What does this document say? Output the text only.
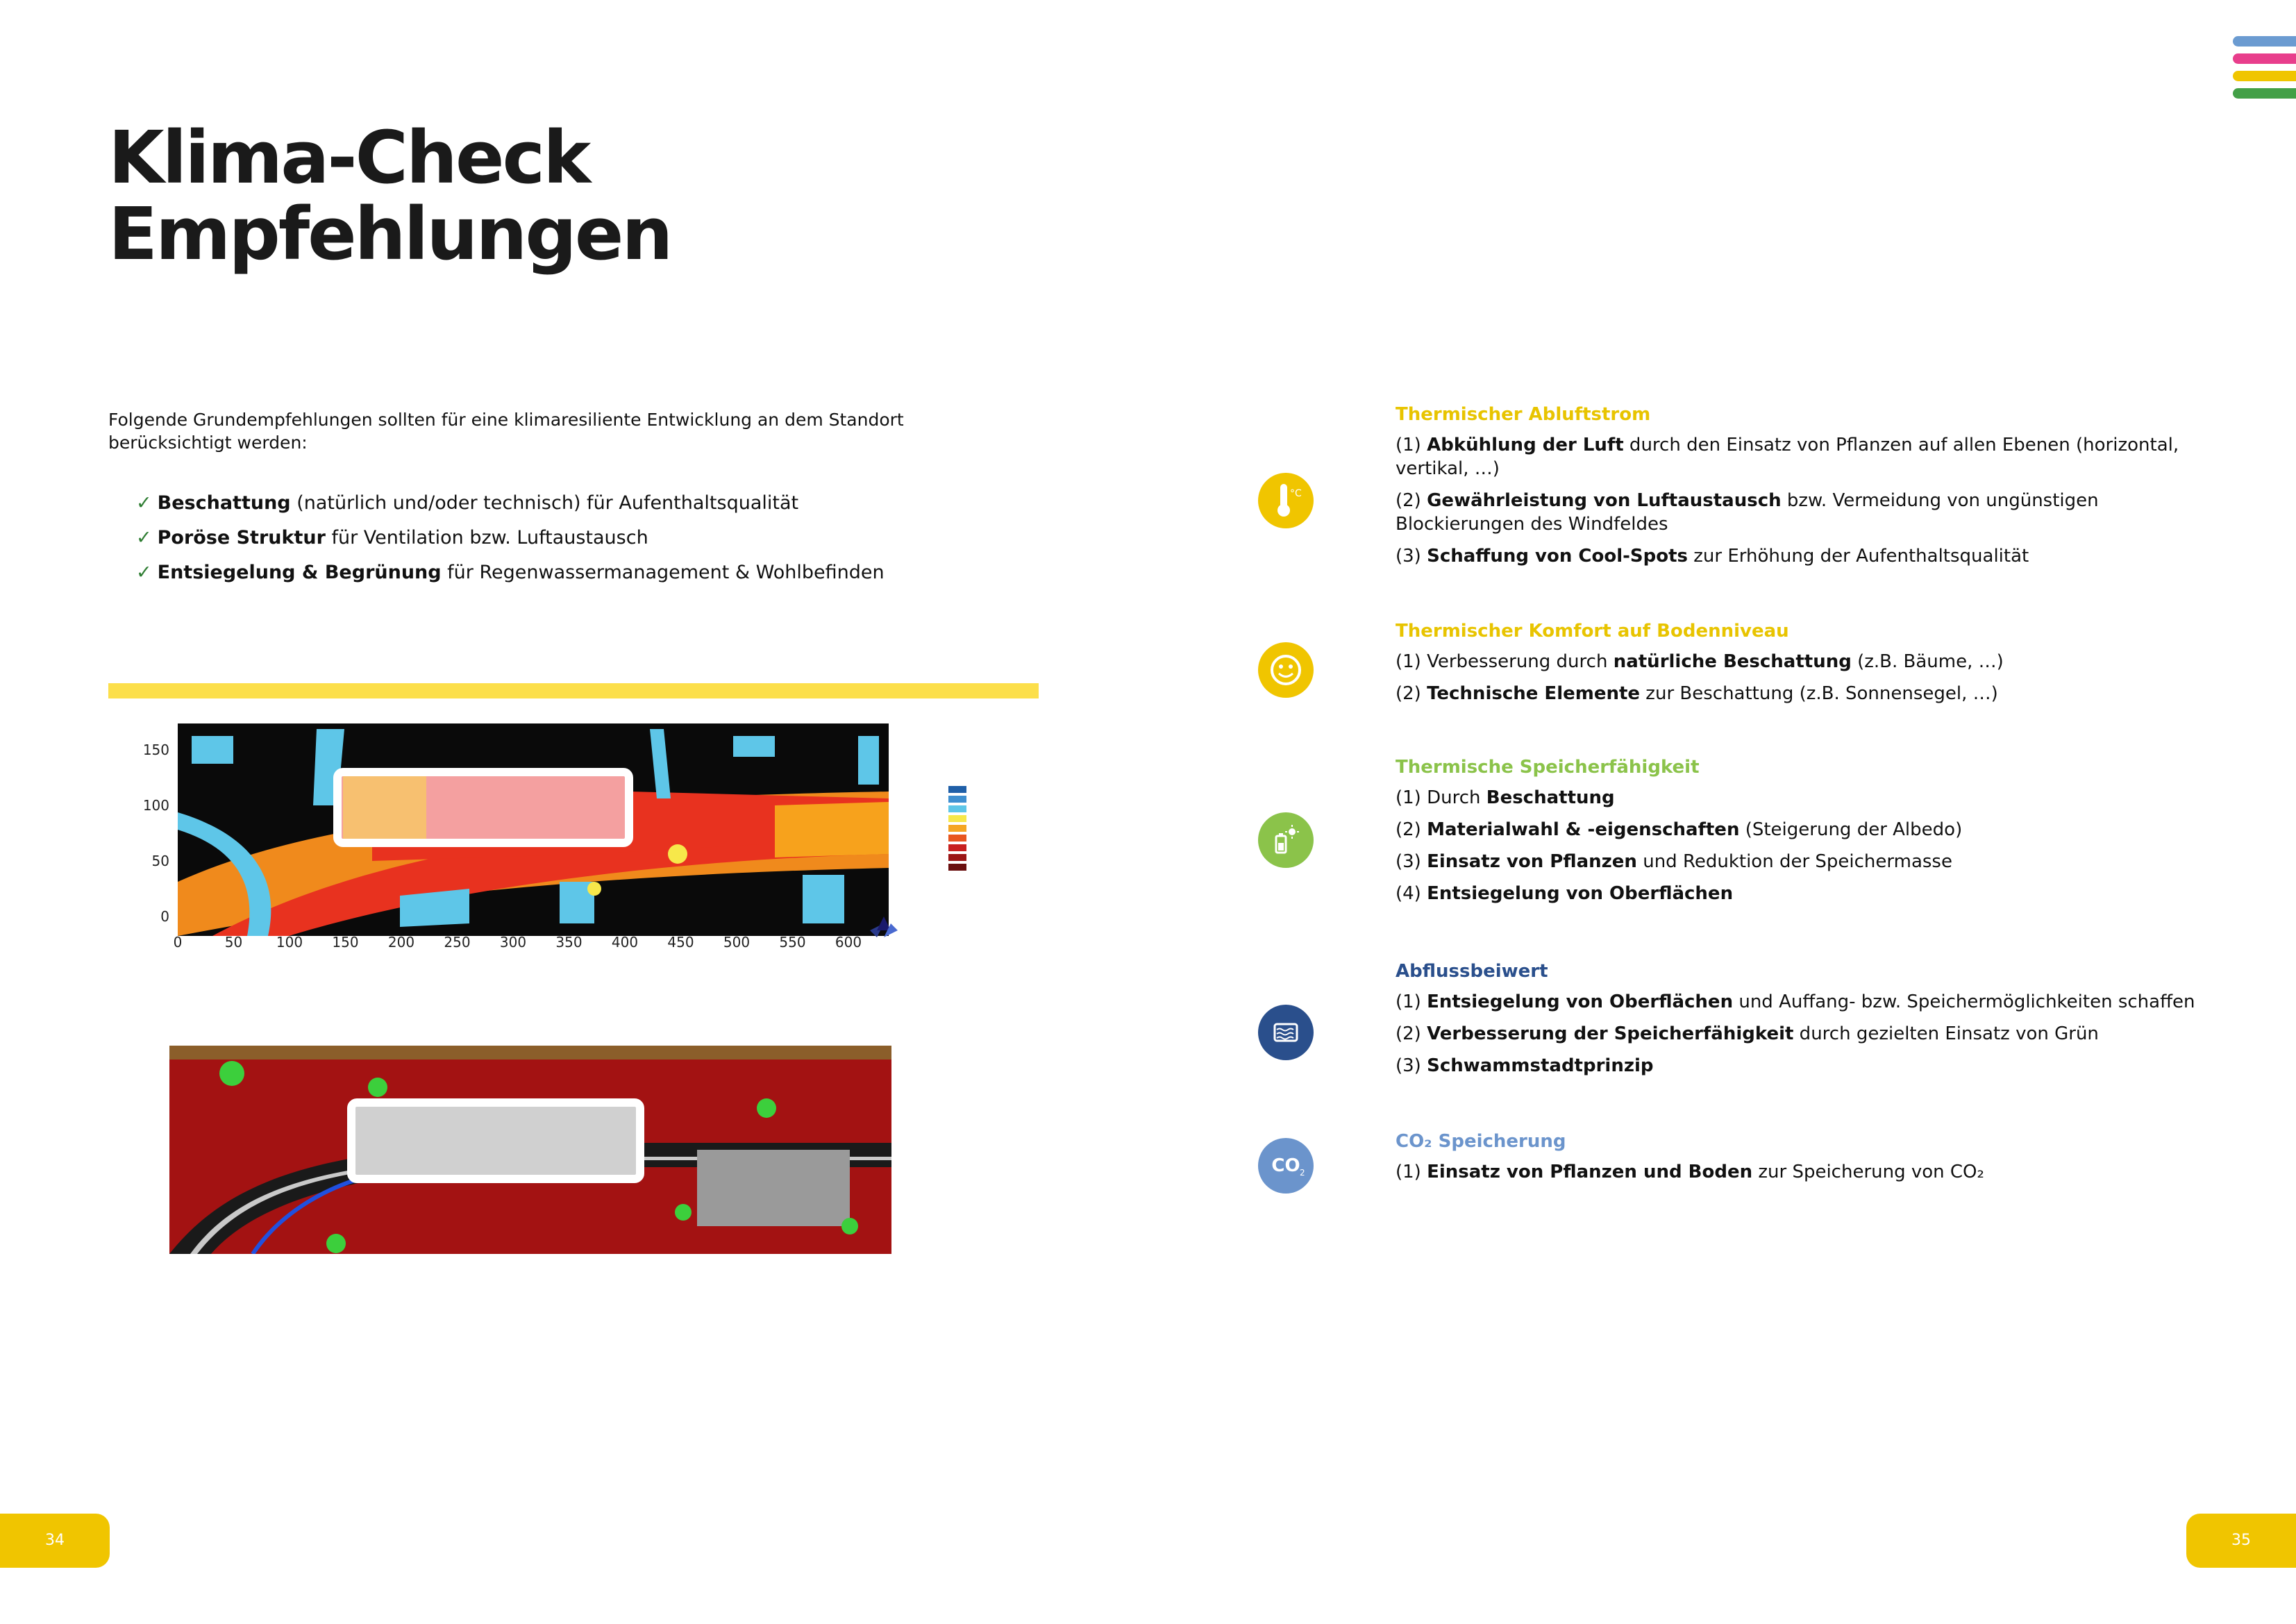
Klima-Check
Empfehlungen
Folgende Grundempfehlungen sollten für eine klimaresiliente Entwicklung an dem Standort berücksichtigt werden:
✓ Beschattung (natürlich und/oder technisch) für Aufenthaltsqualität
✓ Poröse Struktur für Ventilation bzw. Luftaustausch
✓ Entsiegelung & Begrünung für Regenwassermanagement & Wohlbefinden
150
100
50
0
0	50 100 150 200 250 300 350 400 450 500 550 600
Thermischer Abluftstrom
(1) Abkühlung der Luft durch den Einsatz von Pflanzen auf allen Ebenen (horizontal, vertikal, …)
(2) Gewährleistung von Luftaustausch bzw. Vermeidung von ungünstigen Blockierungen des Windfeldes
(3) Schaffung von Cool-Spots zur Erhöhung der Aufenthaltsqualität
°C
Thermischer Komfort auf Bodenniveau
(1) Verbesserung durch natürliche Beschattung (z.B. Bäume, …)
(2) Technische Elemente zur Beschattung (z.B. Sonnensegel, …)
Thermische Speicherfähigkeit
(1) Durch Beschattung
(2) Materialwahl & -eigenschaften (Steigerung der Albedo)
(3) Einsatz von Pflanzen und Reduktion der Speichermasse
(4) Entsiegelung von Oberflächen
Abflussbeiwert
(1) Entsiegelung von Oberflächen und Auffang- bzw. Speichermöglichkeiten schaffen
(2) Verbesserung der Speicherfähigkeit durch gezielten Einsatz von Grün
(3) Schwammstadtprinzip
CO₂ Speicherung
(1) Einsatz von Pflanzen und Boden zur Speicherung von CO₂
CO 2
34	35
